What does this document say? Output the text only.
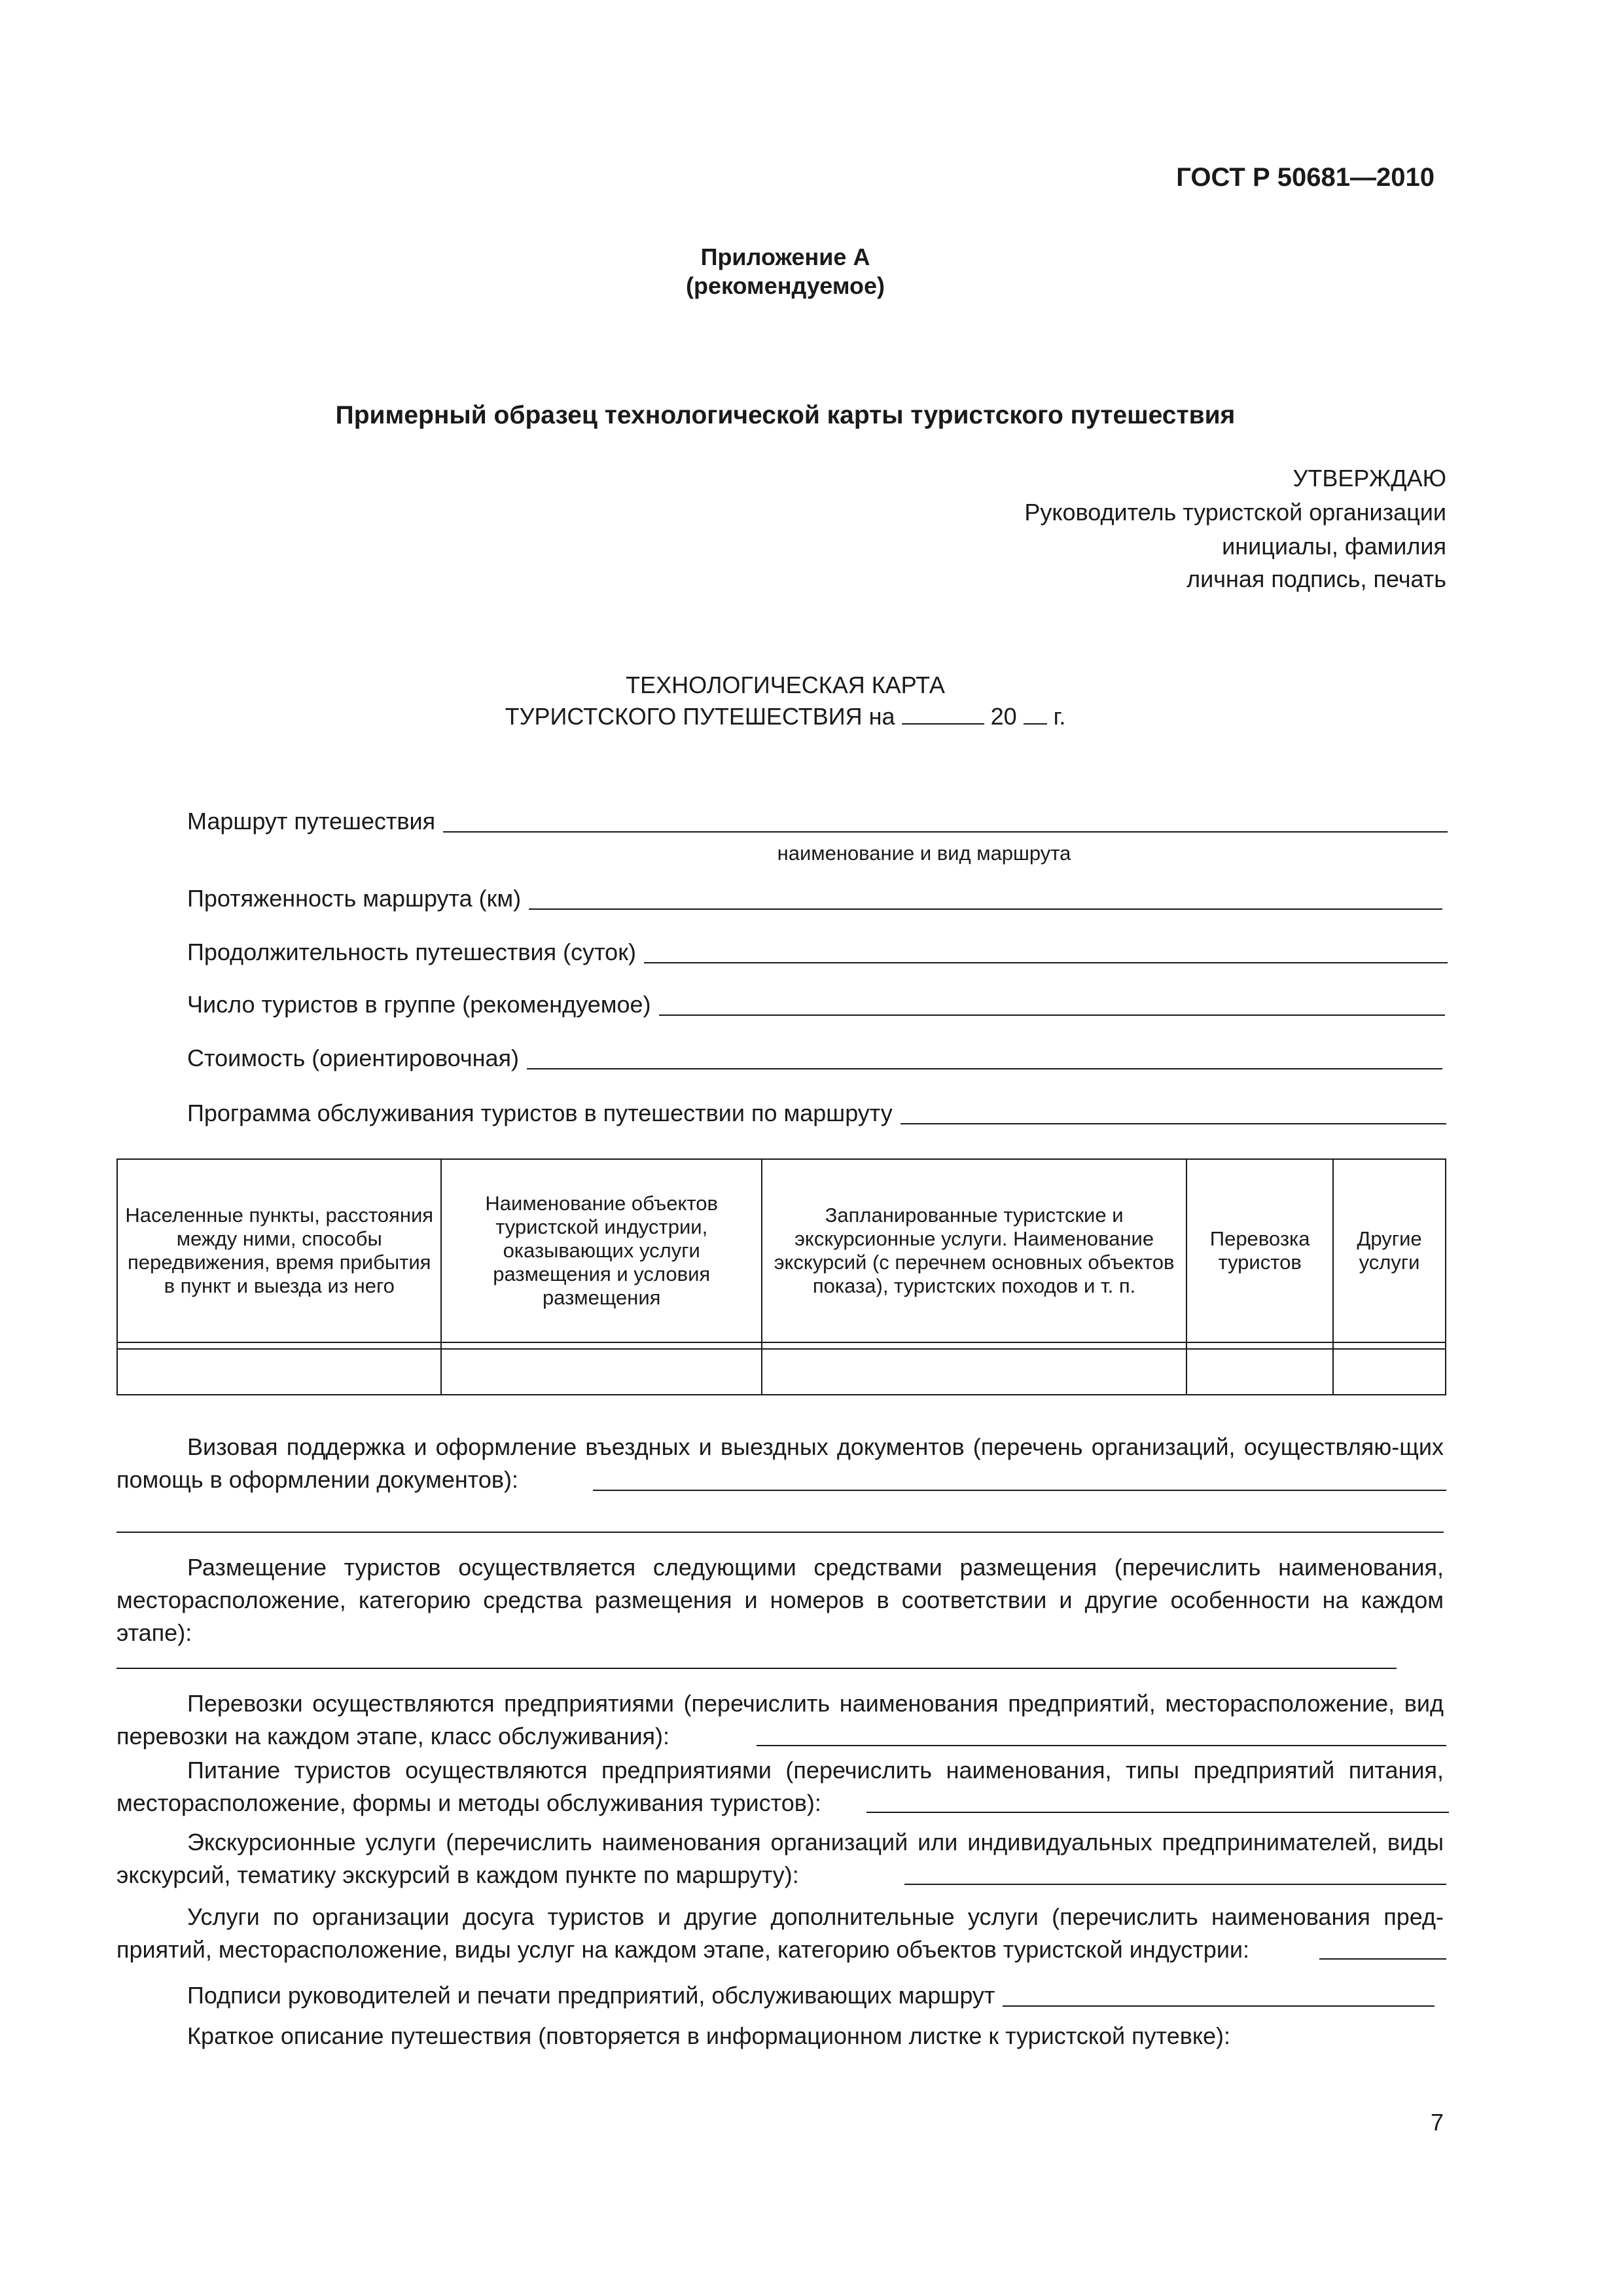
ГОСТ Р 50681—2010
Приложение А
(рекомендуемое)
Примерный образец технологической карты туристского путешествия
УТВЕРЖДАЮ
Руководитель туристской организации
инициалы, фамилия
личная подпись, печать
ТЕХНОЛОГИЧЕСКАЯ КАРТА
ТУРИСТСКОГО ПУТЕШЕСТВИЯ на	20 г.
Маршрут путешествия
наименование и вид маршрута
Протяженность маршрута (км)
Продолжительность путешествия (суток)
Число туристов в группе (рекомендуемое)
Стоимость (ориентировочная)
Программа обслуживания туристов в путешествии по маршруту
Населенные пункты, расстояния между ними, способы передвижения, время прибытия в пункт и выезда из него	Наименование объектов туристской индустрии, оказывающих услуги размещения и условия размещения	Запланированные туристские и экскурсионные услуги. Наименование экскурсий (с перечнем основных объектов показа), туристских походов и т. п.	Перевозка туристов	Другие услуги

Визовая поддержка и оформление въездных и выездных документов (перечень организаций, осуществляю-щих помощь в оформлении документов):
Размещение туристов осуществляется следующими средствами размещения (перечислить наименования, месторасположение, категорию средства размещения и номеров в соответствии и другие особенности на каждом этапе):
Перевозки осуществляются предприятиями (перечислить наименования предприятий, месторасположение, вид перевозки на каждом этапе, класс обслуживания):
Питание туристов осуществляются предприятиями (перечислить наименования, типы предприятий питания, месторасположение, формы и методы обслуживания туристов):
Экскурсионные услуги (перечислить наименования организаций или индивидуальных предпринимателей, виды экскурсий, тематику экскурсий в каждом пункте по маршруту):
Услуги по организации досуга туристов и другие дополнительные услуги (перечислить наименования пред-приятий, месторасположение, виды услуг на каждом этапе, категорию объектов туристской индустрии:
Подписи руководителей и печати предприятий, обслуживающих маршрут
Краткое описание путешествия (повторяется в информационном листке к туристской путевке):
7
